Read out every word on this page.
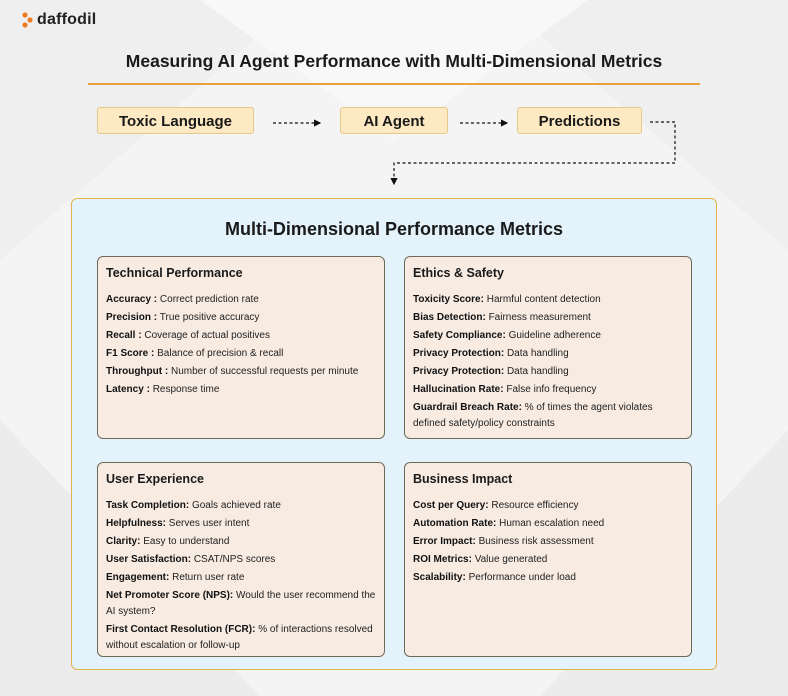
daffodil
Measuring AI Agent Performance with Multi-Dimensional Metrics
Toxic Language	AI Agent	Predictions
Multi-Dimensional Performance Metrics
Technical Performance
Accuracy : Correct prediction rate
Precision : True positive accuracy
Recall : Coverage of actual positives
F1 Score : Balance of precision & recall
Throughput : Number of successful requests per minute
Latency : Response time
Ethics & Safety
Toxicity Score: Harmful content detection
Bias Detection: Fairness measurement
Safety Compliance: Guideline adherence
Privacy Protection: Data handling
Privacy Protection: Data handling
Hallucination Rate: False info frequency
Guardrail Breach Rate: % of times the agent violates defined safety/policy constraints
User Experience
Task Completion: Goals achieved rate
Helpfulness: Serves user intent
Clarity: Easy to understand
User Satisfaction: CSAT/NPS scores
Engagement: Return user rate
Net Promoter Score (NPS): Would the user recommend the AI system?
First Contact Resolution (FCR): % of interactions resolved without escalation or follow-up
Business Impact
Cost per Query: Resource efficiency
Automation Rate: Human escalation need
Error Impact: Business risk assessment
ROI Metrics: Value generated
Scalability: Performance under load
